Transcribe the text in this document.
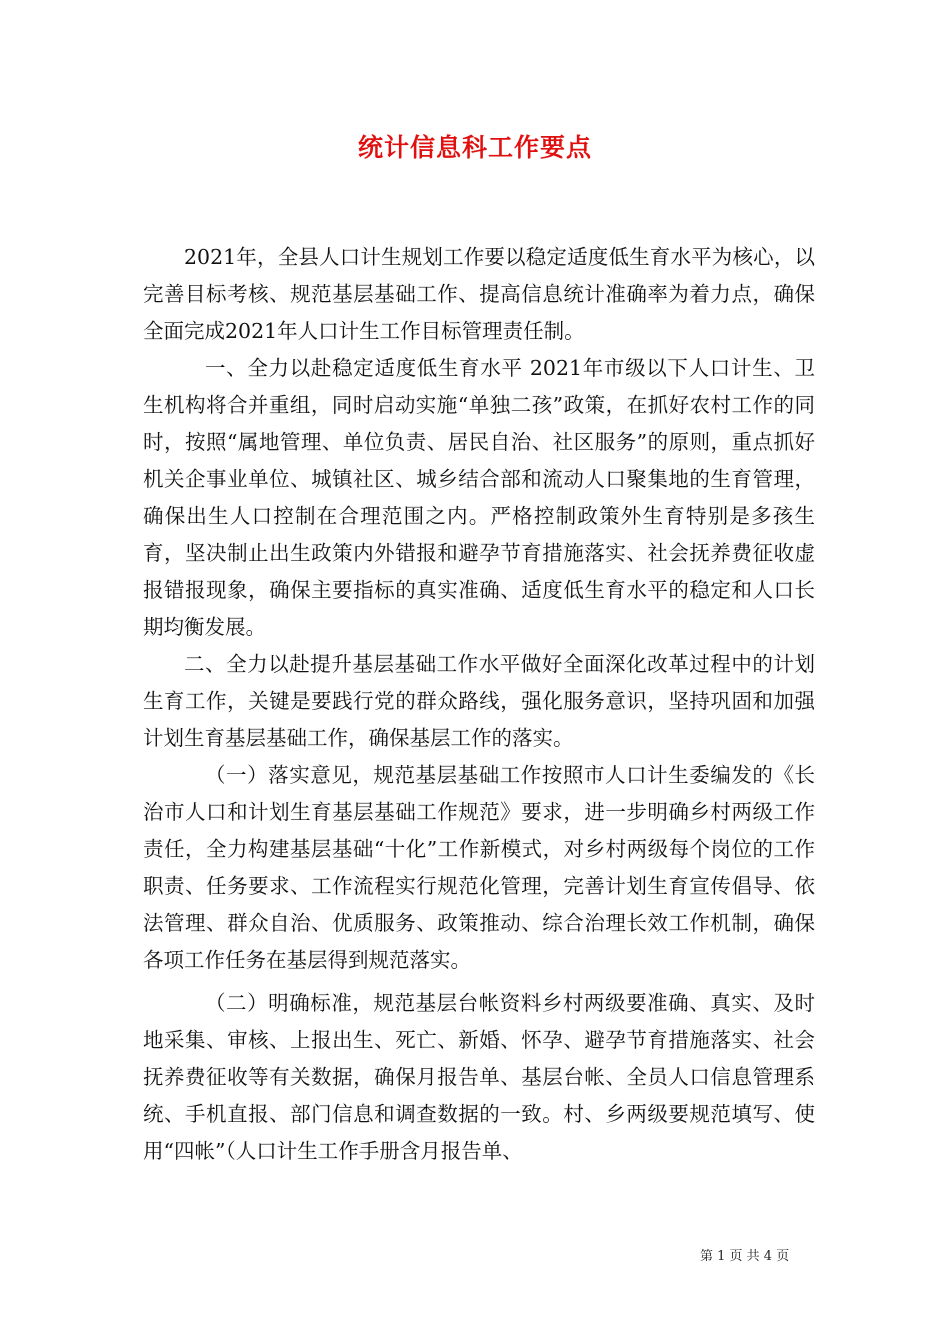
统计信息科工作要点

2021年，全县人口计生规划工作要以稳定适度低生育水平为核心，以完善目标考核、规范基层基础工作、提高信息统计准确率为着力点，确保全面完成2021年人口计生工作目标管理责任制。

一、全力以赴稳定适度低生育水平 2021年市级以下人口计生、卫生机构将合并重组，同时启动实施“单独二孩”政策，在抓好农村工作的同时，按照“属地管理、单位负责、居民自治、社区服务”的原则，重点抓好机关企事业单位、城镇社区、城乡结合部和流动人口聚集地的生育管理，确保出生人口控制在合理范围之内。严格控制政策外生育特别是多孩生育，坚决制止出生政策内外错报和避孕节育措施落实、社会抚养费征收虚报错报现象，确保主要指标的真实准确、适度低生育水平的稳定和人口长期均衡发展。

二、全力以赴提升基层基础工作水平做好全面深化改革过程中的计划生育工作，关键是要践行党的群众路线，强化服务意识，坚持巩固和加强计划生育基层基础工作，确保基层工作的落实。

（一）落实意见，规范基层基础工作按照市人口计生委编发的《长治市人口和计划生育基层基础工作规范》要求，进一步明确乡村两级工作责任，全力构建基层基础“十化”工作新模式，对乡村两级每个岗位的工作职责、任务要求、工作流程实行规范化管理，完善计划生育宣传倡导、依法管理、群众自治、优质服务、政策推动、综合治理长效工作机制，确保各项工作任务在基层得到规范落实。

（二）明确标准，规范基层台帐资料乡村两级要准确、真实、及时地采集、审核、上报出生、死亡、新婚、怀孕、避孕节育措施落实、社会抚养费征收等有关数据，确保月报告单、基层台帐、全员人口信息管理系统、手机直报、部门信息和调查数据的一致。村、乡两级要规范填写、使用“四帐”（人口计生工作手册含月报告单、

第 1 页 共 4 页
